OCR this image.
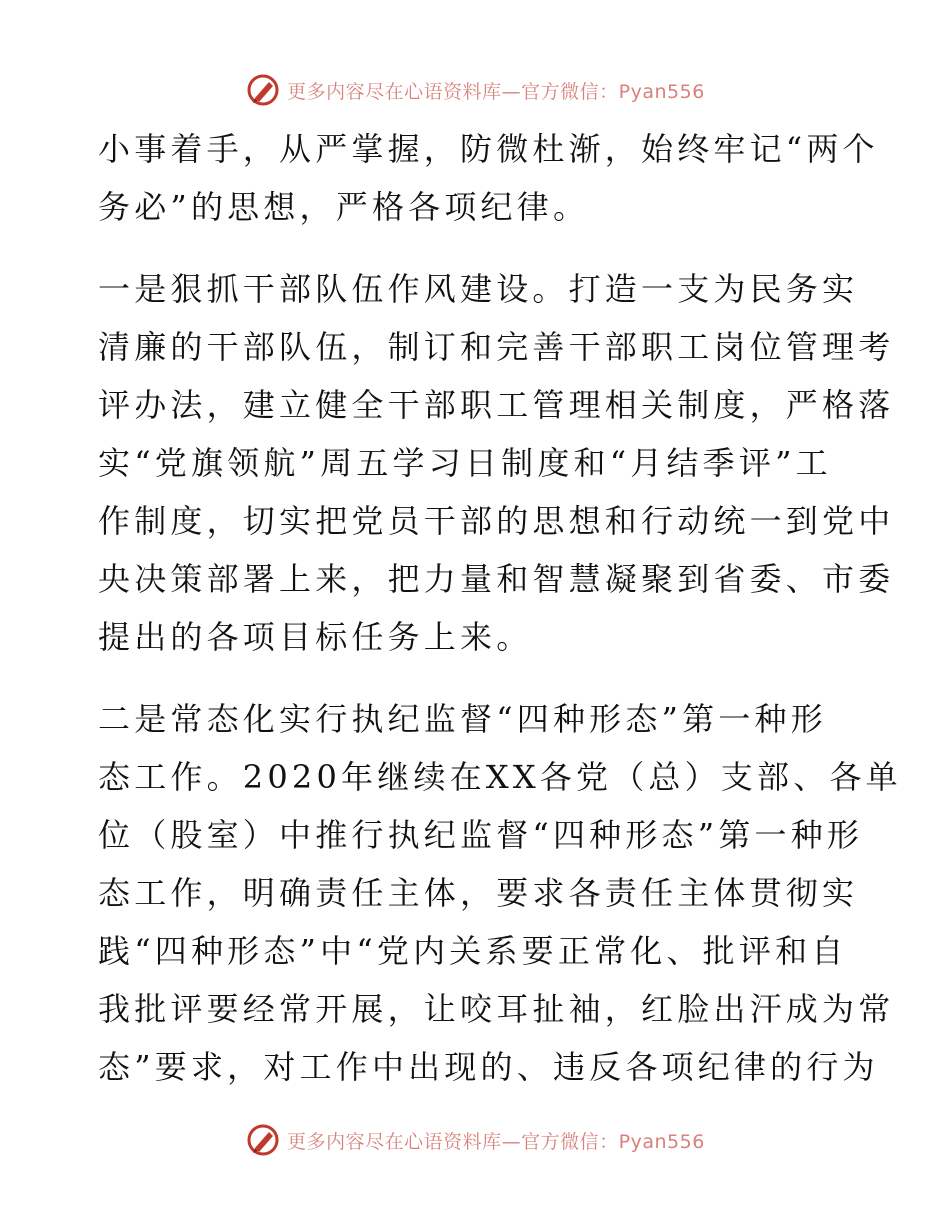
更多内容尽在心语资料库—官方微信：Pyan556

小事着手，从严掌握，防微杜渐，始终牢记“两个
务必”的思想，严格各项纪律。

一是狠抓干部队伍作风建设。打造一支为民务实
清廉的干部队伍，制订和完善干部职工岗位管理考
评办法，建立健全干部职工管理相关制度，严格落
实“党旗领航”周五学习日制度和“月结季评”工
作制度，切实把党员干部的思想和行动统一到党中
央决策部署上来，把力量和智慧凝聚到省委、市委
提出的各项目标任务上来。

二是常态化实行执纪监督“四种形态”第一种形
态工作。2020年继续在XX各党（总）支部、各单
位（股室）中推行执纪监督“四种形态”第一种形
态工作，明确责任主体，要求各责任主体贯彻实
践“四种形态”中“党内关系要正常化、批评和自
我批评要经常开展，让咬耳扯袖，红脸出汗成为常
态”要求，对工作中出现的、违反各项纪律的行为

更多内容尽在心语资料库—官方微信：Pyan556
